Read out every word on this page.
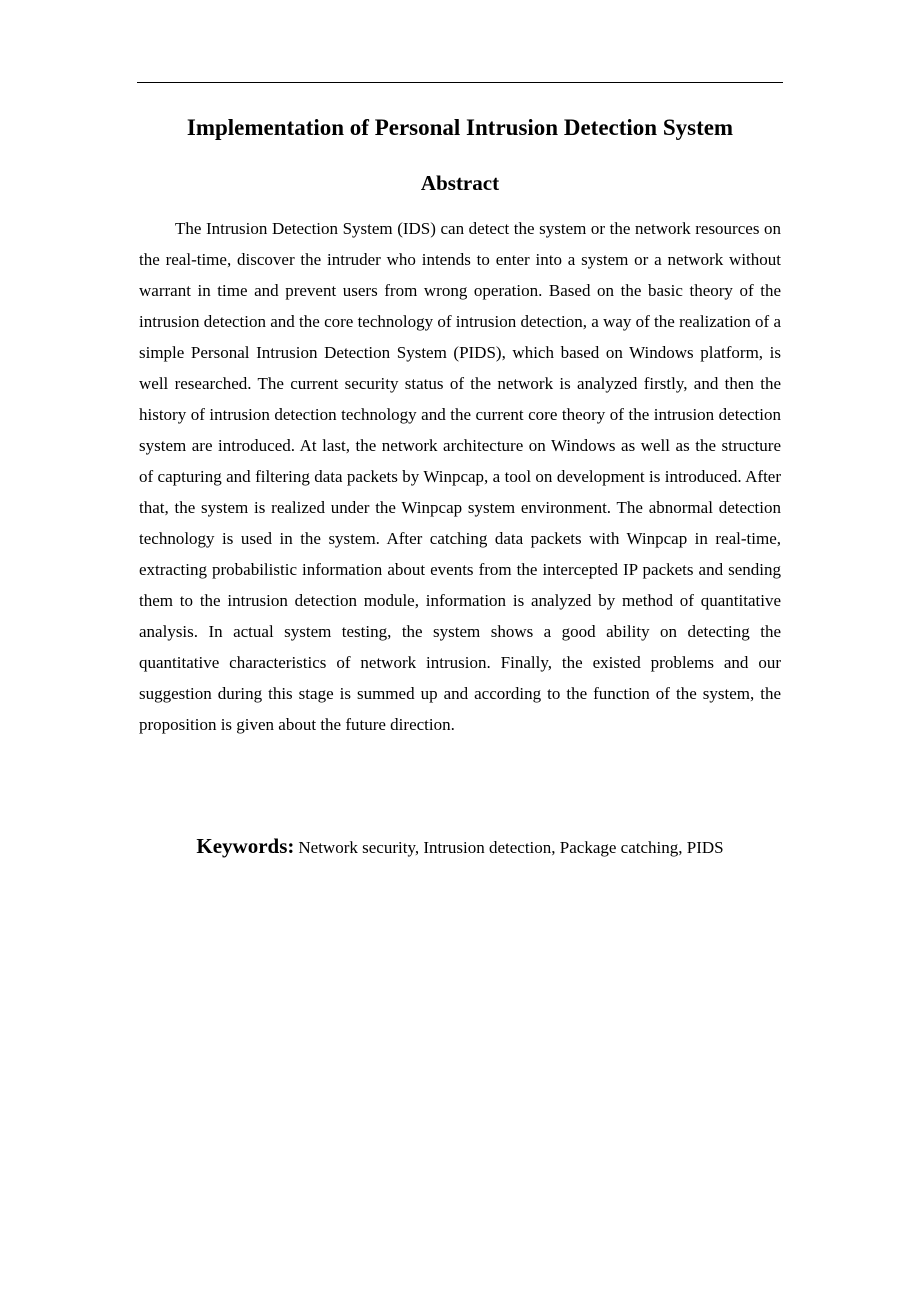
Implementation of Personal Intrusion Detection System
Abstract

The Intrusion Detection System (IDS) can detect the system or the network resources on the real-time, discover the intruder who intends to enter into a system or a network without warrant in time and prevent users from wrong operation. Based on the basic theory of the intrusion detection and the core technology of intrusion detection, a way of the realization of a simple Personal Intrusion Detection System (PIDS), which based on Windows platform, is well researched. The current security status of the network is analyzed firstly, and then the history of intrusion detection technology and the current core theory of the intrusion detection system are introduced. At last, the network architecture on Windows as well as the structure of capturing and filtering data packets by Winpcap, a tool on development is introduced. After that, the system is realized under the Winpcap system environment. The abnormal detection technology is used in the system. After catching data packets with Winpcap in real-time, extracting probabilistic information about events from the intercepted IP packets and sending them to the intrusion detection module, information is analyzed by method of quantitative analysis. In actual system testing, the system shows a good ability on detecting the quantitative characteristics of network intrusion. Finally, the existed problems and our suggestion during this stage is summed up and according to the function of the system, the proposition is given about the future direction.

Keywords: Network security, Intrusion detection, Package catching, PIDS
